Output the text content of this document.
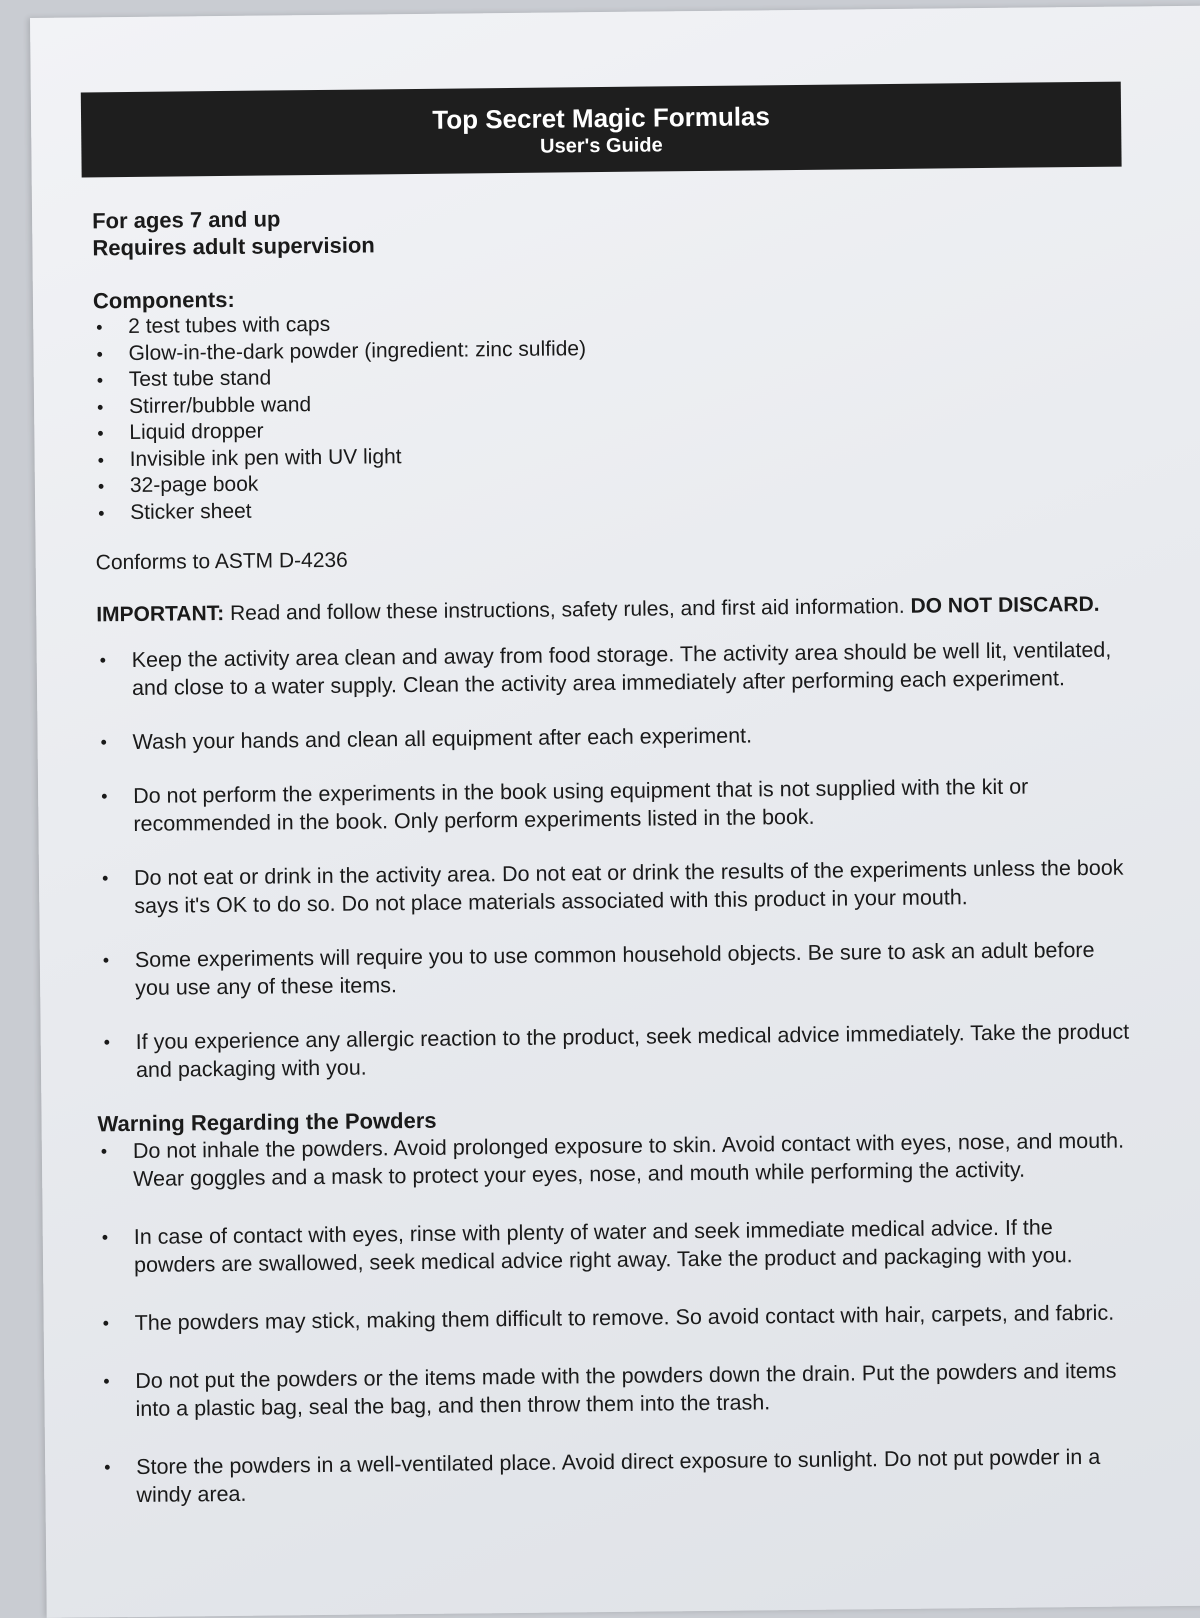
Top Secret Magic Formulas
User's Guide
For ages 7 and up
Requires adult supervision
Components:
• 2 test tubes with caps
• Glow-in-the-dark powder (ingredient: zinc sulfide)
• Test tube stand
• Stirrer/bubble wand
• Liquid dropper
• Invisible ink pen with UV light
• 32-page book
• Sticker sheet
Conforms to ASTM D-4236
IMPORTANT: Read and follow these instructions, safety rules, and first aid information. DO NOT DISCARD.
• Keep the activity area clean and away from food storage. The activity area should be well lit, ventilated, and close to a water supply. Clean the activity area immediately after performing each experiment.
• Wash your hands and clean all equipment after each experiment.
• Do not perform the experiments in the book using equipment that is not supplied with the kit or recommended in the book. Only perform experiments listed in the book.
• Do not eat or drink in the activity area. Do not eat or drink the results of the experiments unless the book says it's OK to do so. Do not place materials associated with this product in your mouth.
• Some experiments will require you to use common household objects. Be sure to ask an adult before you use any of these items.
• If you experience any allergic reaction to the product, seek medical advice immediately. Take the product and packaging with you.
Warning Regarding the Powders
• Do not inhale the powders. Avoid prolonged exposure to skin. Avoid contact with eyes, nose, and mouth. Wear goggles and a mask to protect your eyes, nose, and mouth while performing the activity.
• In case of contact with eyes, rinse with plenty of water and seek immediate medical advice. If the powders are swallowed, seek medical advice right away. Take the product and packaging with you.
• The powders may stick, making them difficult to remove. So avoid contact with hair, carpets, and fabric.
• Do not put the powders or the items made with the powders down the drain. Put the powders and items into a plastic bag, seal the bag, and then throw them into the trash.
• Store the powders in a well-ventilated place. Avoid direct exposure to sunlight. Do not put powder in a windy area.
